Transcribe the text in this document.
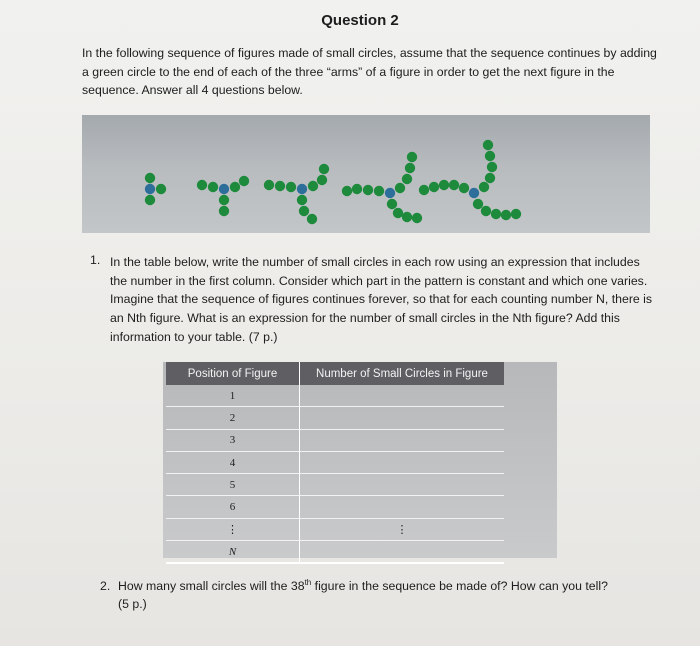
Question 2
In the following sequence of figures made of small circles, assume that the sequence continues by adding a green circle to the end of each of the three “arms” of a figure in order to get the next figure in the sequence. Answer all 4 questions below.
...
1. In the table below, write the number of small circles in each row using an expression that includes the number in the first column. Consider which part in the pattern is constant and which one varies. Imagine that the sequence of figures continues forever, so that for each counting number N, there is an Nth figure. What is an expression for the number of small circles in the Nth figure? Add this information to your table. (7 p.)
Position of Figure	Number of Small Circles in Figure
1	
2	
3	
4	
5	
6	
⋮	⋮
N	
2. How many small circles will the 38th figure in the sequence be made of? How can you tell?
(5 p.)
